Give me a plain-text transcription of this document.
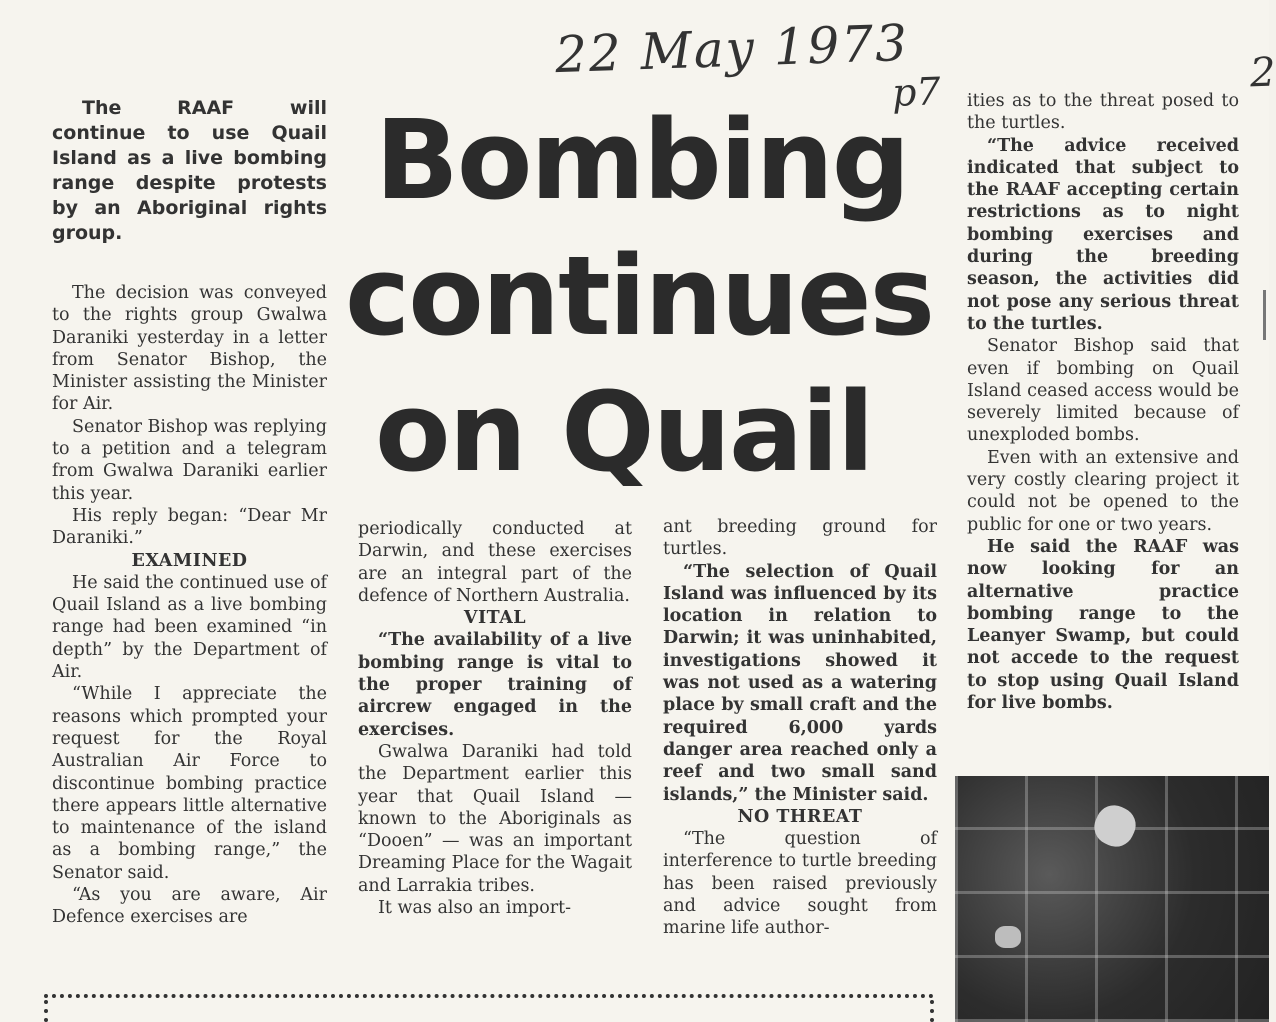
22 May 1973
p7	2
Bombing
continues
on Quail

The RAAF will continue to use Quail Island as a live bombing range despite protests by an Aboriginal rights group.

The decision was conveyed to the rights group Gwalwa Daraniki yesterday in a letter from Senator Bishop, the Minister assisting the Minister for Air.

Senator Bishop was replying to a petition and a telegram from Gwalwa Daraniki earlier this year.

His reply began: “Dear Mr Daraniki.”

EXAMINED

He said the continued use of Quail Island as a live bombing range had been examined “in depth” by the Department of Air.

“While I appreciate the reasons which prompted your request for the Royal Australian Air Force to discontinue bombing practice there appears little alternative to maintenance of the island as a bombing range,” the Senator said.

“As you are aware, Air Defence exercises are

periodically conducted at Darwin, and these exercises are an integral part of the defence of Northern Australia.

VITAL

“The availability of a live bombing range is vital to the proper training of aircrew engaged in the exercises.

Gwalwa Daraniki had told the Department earlier this year that Quail Island — known to the Aboriginals as “Dooen” — was an important Dreaming Place for the Wagait and Larrakia tribes.

It was also an import-

ant breeding ground for turtles.

“The selection of Quail Island was influenced by its location in relation to Darwin; it was uninhabited, investigations showed it was not used as a watering place by small craft and the required 6,000 yards danger area reached only a reef and two small sand islands,” the Minister said.

NO THREAT

“The question of interference to turtle breeding has been raised previously and advice sought from marine life author-

ities as to the threat posed to the turtles.

“The advice received indicated that subject to the RAAF accepting certain restrictions as to night bombing exercises and during the breeding season, the activities did not pose any serious threat to the turtles.

Senator Bishop said that even if bombing on Quail Island ceased access would be severely limited because of unexploded bombs.

Even with an extensive and very costly clearing project it could not be opened to the public for one or two years.

He said the RAAF was now looking for an alternative practice bombing range to the Leanyer Swamp, but could not accede to the request to stop using Quail Island for live bombs.
